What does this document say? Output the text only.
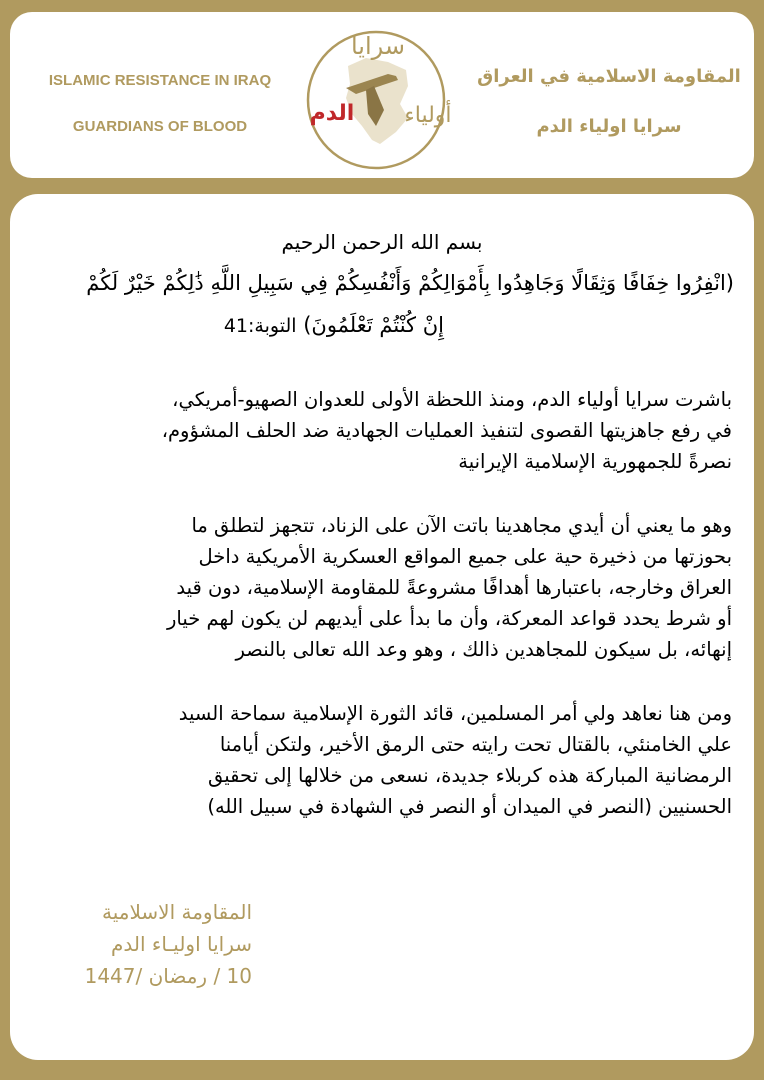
ISLAMIC RESISTANCE IN IRAQ
GUARDIANS OF BLOOD
سرايا
أولياء
الدم
المقاومة الاسلامية في العراق
سرايا اولياء الدم
بسم الله الرحمن الرحيم
(انْفِرُوا خِفَافًا وَثِقَالًا وَجَاهِدُوا بِأَمْوَالِكُمْ وَأَنْفُسِكُمْ فِي سَبِيلِ اللَّهِ ذَٰلِكُمْ خَيْرٌ لَكُمْ
إِنْ كُنْتُمْ تَعْلَمُونَ) التوبة:41
باشرت سرايا أولياء الدم، ومنذ اللحظة الأولى للعدوان الصهيو-أمريكي،
في رفع جاهزيتها القصوى لتنفيذ العمليات الجهادية ضد الحلف المشؤوم،
نصرةً للجمهورية الإسلامية الإيرانية
وهو ما يعني أن أيدي مجاهدينا باتت الآن على الزناد، تتجهز لتطلق ما
بحوزتها من ذخيرة حية على جميع المواقع العسكرية الأمريكية داخل
العراق وخارجه، باعتبارها أهدافًا مشروعةً للمقاومة الإسلامية، دون قيد
أو شرط يحدد قواعد المعركة، وأن ما بدأ على أيديهم لن يكون لهم خيار
إنهائه، بل سيكون للمجاهدين ذالك ، وهو وعد الله تعالى بالنصر
ومن هنا نعاهد ولي أمر المسلمين، قائد الثورة الإسلامية سماحة السيد
علي الخامنئي، بالقتال تحت رايته حتى الرمق الأخير، ولتكن أيامنا
الرمضانية المباركة هذه كربلاء جديدة، نسعى من خلالها إلى تحقيق
الحسنيين (النصر في الميدان أو النصر في الشهادة في سبيل الله)
المقاومة الاسلامية
سرايا اوليـاء الدم
10 / رمضان /1447
